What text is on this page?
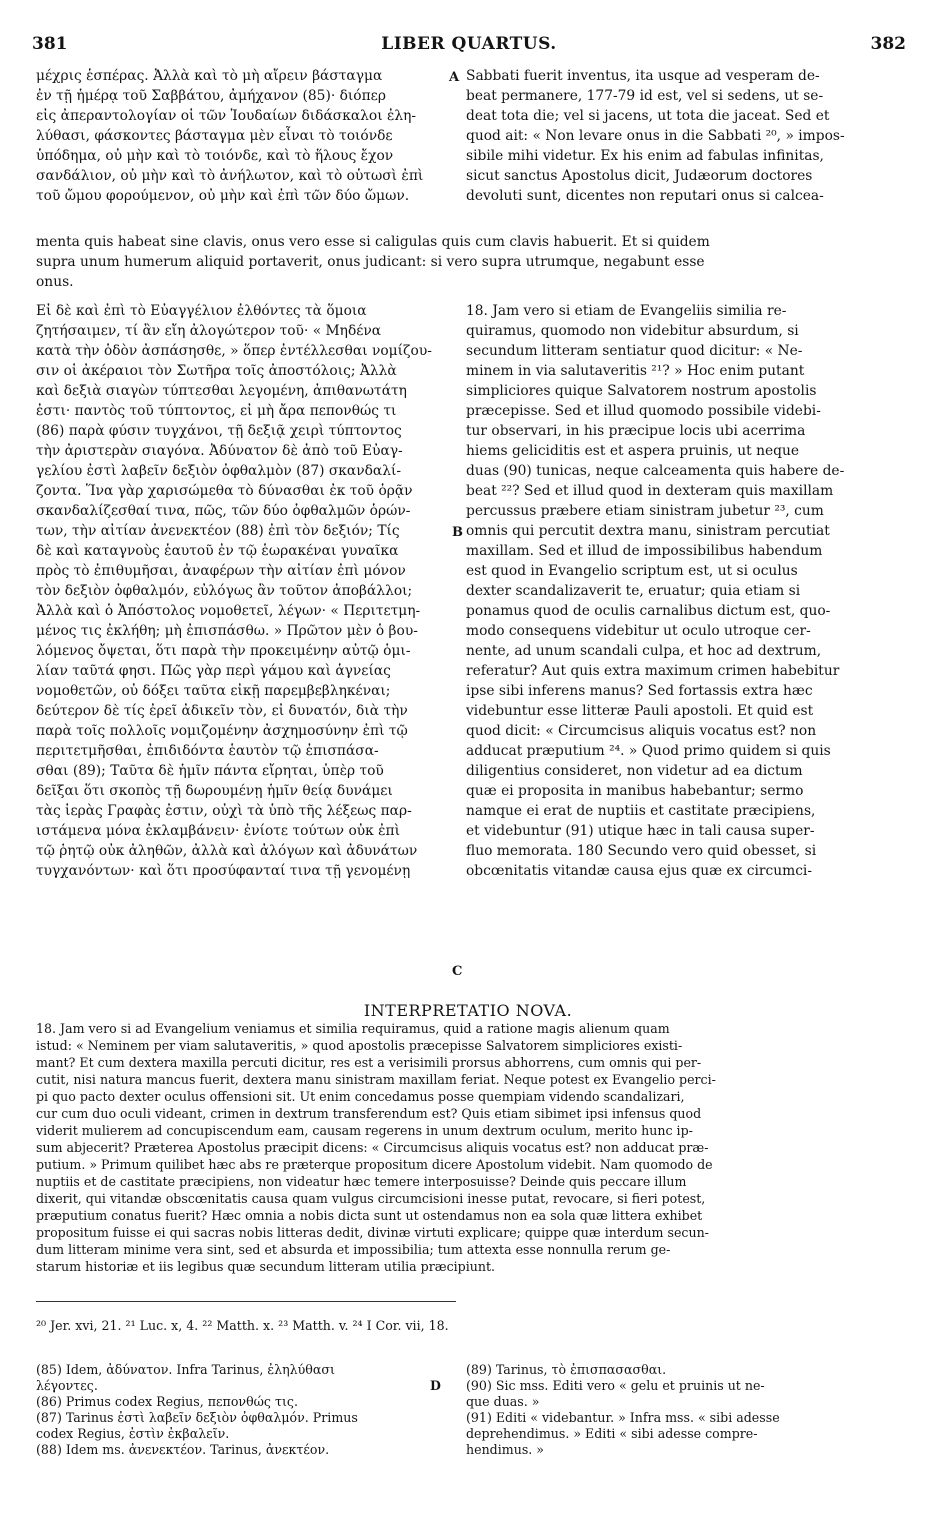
381	LIBER QUARTUS.	382
μέχρις ἑσπέρας. Ἀλλὰ καὶ τὸ μὴ αἴρειν βάσταγμα
ἐν τῇ ἡμέρᾳ τοῦ Σαββάτου, ἀμήχανον (85)· διόπερ
εἰς ἀπεραντολογίαν οἱ τῶν Ἰουδαίων διδάσκαλοι ἐλη-
λύθασι, φάσκοντες βάσταγμα μὲν εἶναι τὸ τοιόνδε
ὑπόδημα, οὐ μὴν καὶ τὸ τοιόνδε, καὶ τὸ ἥλους ἔχον
σανδάλιον, οὐ μὴν καὶ τὸ ἀνήλωτον, καὶ τὸ οὑτωσὶ ἐπὶ
τοῦ ὤμου φορούμενον, οὐ μὴν καὶ ἐπὶ τῶν δύο ὤμων.
A Sabbati fuerit inventus, ita usque ad vesperam de-
beat permanere, 177-79 id est, vel si sedens, ut se-
deat tota die; vel si jacens, ut tota die jaceat. Sed et
quod ait: « Non levare onus in die Sabbati ²⁰, » impos-
sibile mihi videtur. Ex his enim ad fabulas infinitas,
sicut sanctus Apostolus dicit, Judæorum doctores
devoluti sunt, dicentes non reputari onus si calcea-
menta quis habeat sine clavis, onus vero esse si caligulas quis cum clavis habuerit. Et si quidem
supra unum humerum aliquid portaverit, onus judicant: si vero supra utrumque, negabunt esse
onus.
Εἰ δὲ καὶ ἐπὶ τὸ Εὐαγγέλιον ἐλθόντες τὰ ὅμοια
ζητήσαιμεν, τί ἂν εἴη ἀλογώτερον τοῦ· « Μηδένα
κατὰ τὴν ὁδὸν ἀσπάσησθε, » ὅπερ ἐντέλλεσθαι νομίζου-
σιν οἱ ἀκέραιοι τὸν Σωτῆρα τοῖς ἀποστόλοις; Ἀλλὰ
καὶ δεξιὰ σιαγὼν τύπτεσθαι λεγομένη, ἀπιθανωτάτη
ἐστι· παντὸς τοῦ τύπτοντος, εἰ μὴ ἄρα πεπονθώς τι
(86) παρὰ φύσιν τυγχάνοι, τῇ δεξιᾷ χειρὶ τύπτοντος
τὴν ἀριστερὰν σιαγόνα. Ἀδύνατον δὲ ἀπὸ τοῦ Εὐαγ-
γελίου ἐστὶ λαβεῖν δεξιὸν ὀφθαλμὸν (87) σκανδαλί-
ζοντα. Ἵνα γὰρ χαρισώμεθα τὸ δύνασθαι ἐκ τοῦ ὁρᾷν
σκανδαλίζεσθαί τινα, πῶς, τῶν δύο ὀφθαλμῶν ὁρών-
των, τὴν αἰτίαν ἀνενεκτέον (88) ἐπὶ τὸν δεξιόν; Τίς
δὲ καὶ καταγνοὺς ἑαυτοῦ ἐν τῷ ἑωρακέναι γυναῖκα
πρὸς τὸ ἐπιθυμῆσαι, ἀναφέρων τὴν αἰτίαν ἐπὶ μόνον
τὸν δεξιὸν ὀφθαλμόν, εὐλόγως ἂν τοῦτον ἀποβάλλοι;
Ἀλλὰ καὶ ὁ Ἀπόστολος νομοθετεῖ, λέγων· « Περιτετμη-
μένος τις ἐκλήθη; μὴ ἐπισπάσθω. » Πρῶτον μὲν ὁ βου-
λόμενος ὄψεται, ὅτι παρὰ τὴν προκειμένην αὐτῷ ὁμι-
λίαν ταῦτά φησι. Πῶς γὰρ περὶ γάμου καὶ ἁγνείας
νομοθετῶν, οὐ δόξει ταῦτα εἰκῇ παρεμβεβληκέναι;
δεύτερον δὲ τίς ἐρεῖ ἀδικεῖν τὸν, εἰ δυνατόν, διὰ τὴν
παρὰ τοῖς πολλοῖς νομιζομένην ἀσχημοσύνην ἐπὶ τῷ
περιτετμῆσθαι, ἐπιδιδόντα ἑαυτὸν τῷ ἐπισπάσα-
σθαι (89); Ταῦτα δὲ ἡμῖν πάντα εἴρηται, ὑπὲρ τοῦ
δεῖξαι ὅτι σκοπὸς τῇ δωρουμένῃ ἡμῖν θείᾳ δυνάμει
τὰς ἱερὰς Γραφὰς ἐστιν, οὐχὶ τὰ ὑπὸ τῆς λέξεως παρ-
ιστάμενα μόνα ἐκλαμβάνειν· ἐνίοτε τούτων οὐκ ἐπὶ
τῷ ῥητῷ οὐκ ἀληθῶν, ἀλλὰ καὶ ἀλόγων καὶ ἀδυνάτων
τυγχανόντων· καὶ ὅτι προσύφανταί τινα τῇ γενομένῃ
B
C
18. Jam vero si etiam de Evangeliis similia re-
quiramus, quomodo non videbitur absurdum, si
secundum litteram sentiatur quod dicitur: « Ne-
minem in via salutaveritis ²¹? » Hoc enim putant
simpliciores quique Salvatorem nostrum apostolis
præcepisse. Sed et illud quomodo possibile videbi-
tur observari, in his præcipue locis ubi acerrima
hiems geliciditis est et aspera pruinis, ut neque
duas (90) tunicas, neque calceamenta quis habere de-
beat ²²? Sed et illud quod in dexteram quis maxillam
percussus præbere etiam sinistram jubetur ²³, cum
omnis qui percutit dextra manu, sinistram percutiat
maxillam. Sed et illud de impossibilibus habendum
est quod in Evangelio scriptum est, ut si oculus
dexter scandalizaverit te, eruatur; quia etiam si
ponamus quod de oculis carnalibus dictum est, quo-
modo consequens videbitur ut oculo utroque cer-
nente, ad unum scandali culpa, et hoc ad dextrum,
referatur? Aut quis extra maximum crimen habebitur
ipse sibi inferens manus? Sed fortassis extra hæc
videbuntur esse litteræ Pauli apostoli. Et quid est
quod dicit: « Circumcisus aliquis vocatus est? non
adducat præputium ²⁴. » Quod primo quidem si quis
diligentius consideret, non videtur ad ea dictum
quæ ei proposita in manibus habebantur; sermo
namque ei erat de nuptiis et castitate præcipiens,
et videbuntur (91) utique hæc in tali causa super-
fluo memorata. 180 Secundo vero quid obesset, si
obcœnitatis vitandæ causa ejus quæ ex circumci-
INTERPRETATIO NOVA.
18. Jam vero si ad Evangelium veniamus et similia requiramus, quid a ratione magis alienum quam
istud: « Neminem per viam salutaveritis, » quod apostolis præcepisse Salvatorem simpliciores existi-
mant? Et cum dextera maxilla percuti dicitur, res est a verisimili prorsus abhorrens, cum omnis qui per-
cutit, nisi natura mancus fuerit, dextera manu sinistram maxillam feriat. Neque potest ex Evangelio perci-
pi quo pacto dexter oculus offensioni sit. Ut enim concedamus posse quempiam videndo scandalizari,
cur cum duo oculi videant, crimen in dextrum transferendum est? Quis etiam sibimet ipsi infensus quod
viderit mulierem ad concupiscendum eam, causam regerens in unum dextrum oculum, merito hunc ip-
sum abjecerit? Præterea Apostolus præcipit dicens: « Circumcisus aliquis vocatus est? non adducat præ-
putium. » Primum quilibet hæc abs re præterque propositum dicere Apostolum videbit. Nam quomodo de
nuptiis et de castitate præcipiens, non videatur hæc temere interposuisse? Deinde quis peccare illum
dixerit, qui vitandæ obscœnitatis causa quam vulgus circumcisioni inesse putat, revocare, si fieri potest,
præputium conatus fuerit? Hæc omnia a nobis dicta sunt ut ostendamus non ea sola quæ littera exhibet
propositum fuisse ei qui sacras nobis litteras dedit, divinæ virtuti explicare; quippe quæ interdum secun-
dum litteram minime vera sint, sed et absurda et impossibilia; tum attexta esse nonnulla rerum ge-
starum historiæ et iis legibus quæ secundum litteram utilia præcipiunt.
²⁰ Jer. xvi, 21. ²¹ Luc. x, 4. ²² Matth. x. ²³ Matth. v. ²⁴ I Cor. vii, 18.
(85) Idem, ἀδύνατον. Infra Tarinus, ἐληλύθασι
λέγοντες.
(86) Primus codex Regius, πεπονθώς τις.
(87) Tarinus ἐστὶ λαβεῖν δεξιὸν ὀφθαλμόν. Primus
codex Regius, ἐστὶν ἐκβαλεῖν.
(88) Idem ms. ἀνενεκτέον. Tarinus, ἀνεκτέον.
D
(89) Tarinus, τὸ ἐπισπασασθαι.
(90) Sic mss. Editi vero « gelu et pruinis ut ne-
que duas. »
(91) Editi « videbantur. » Infra mss. « sibi adesse
deprehendimus. » Editi « sibi adesse compre-
hendimus. »
